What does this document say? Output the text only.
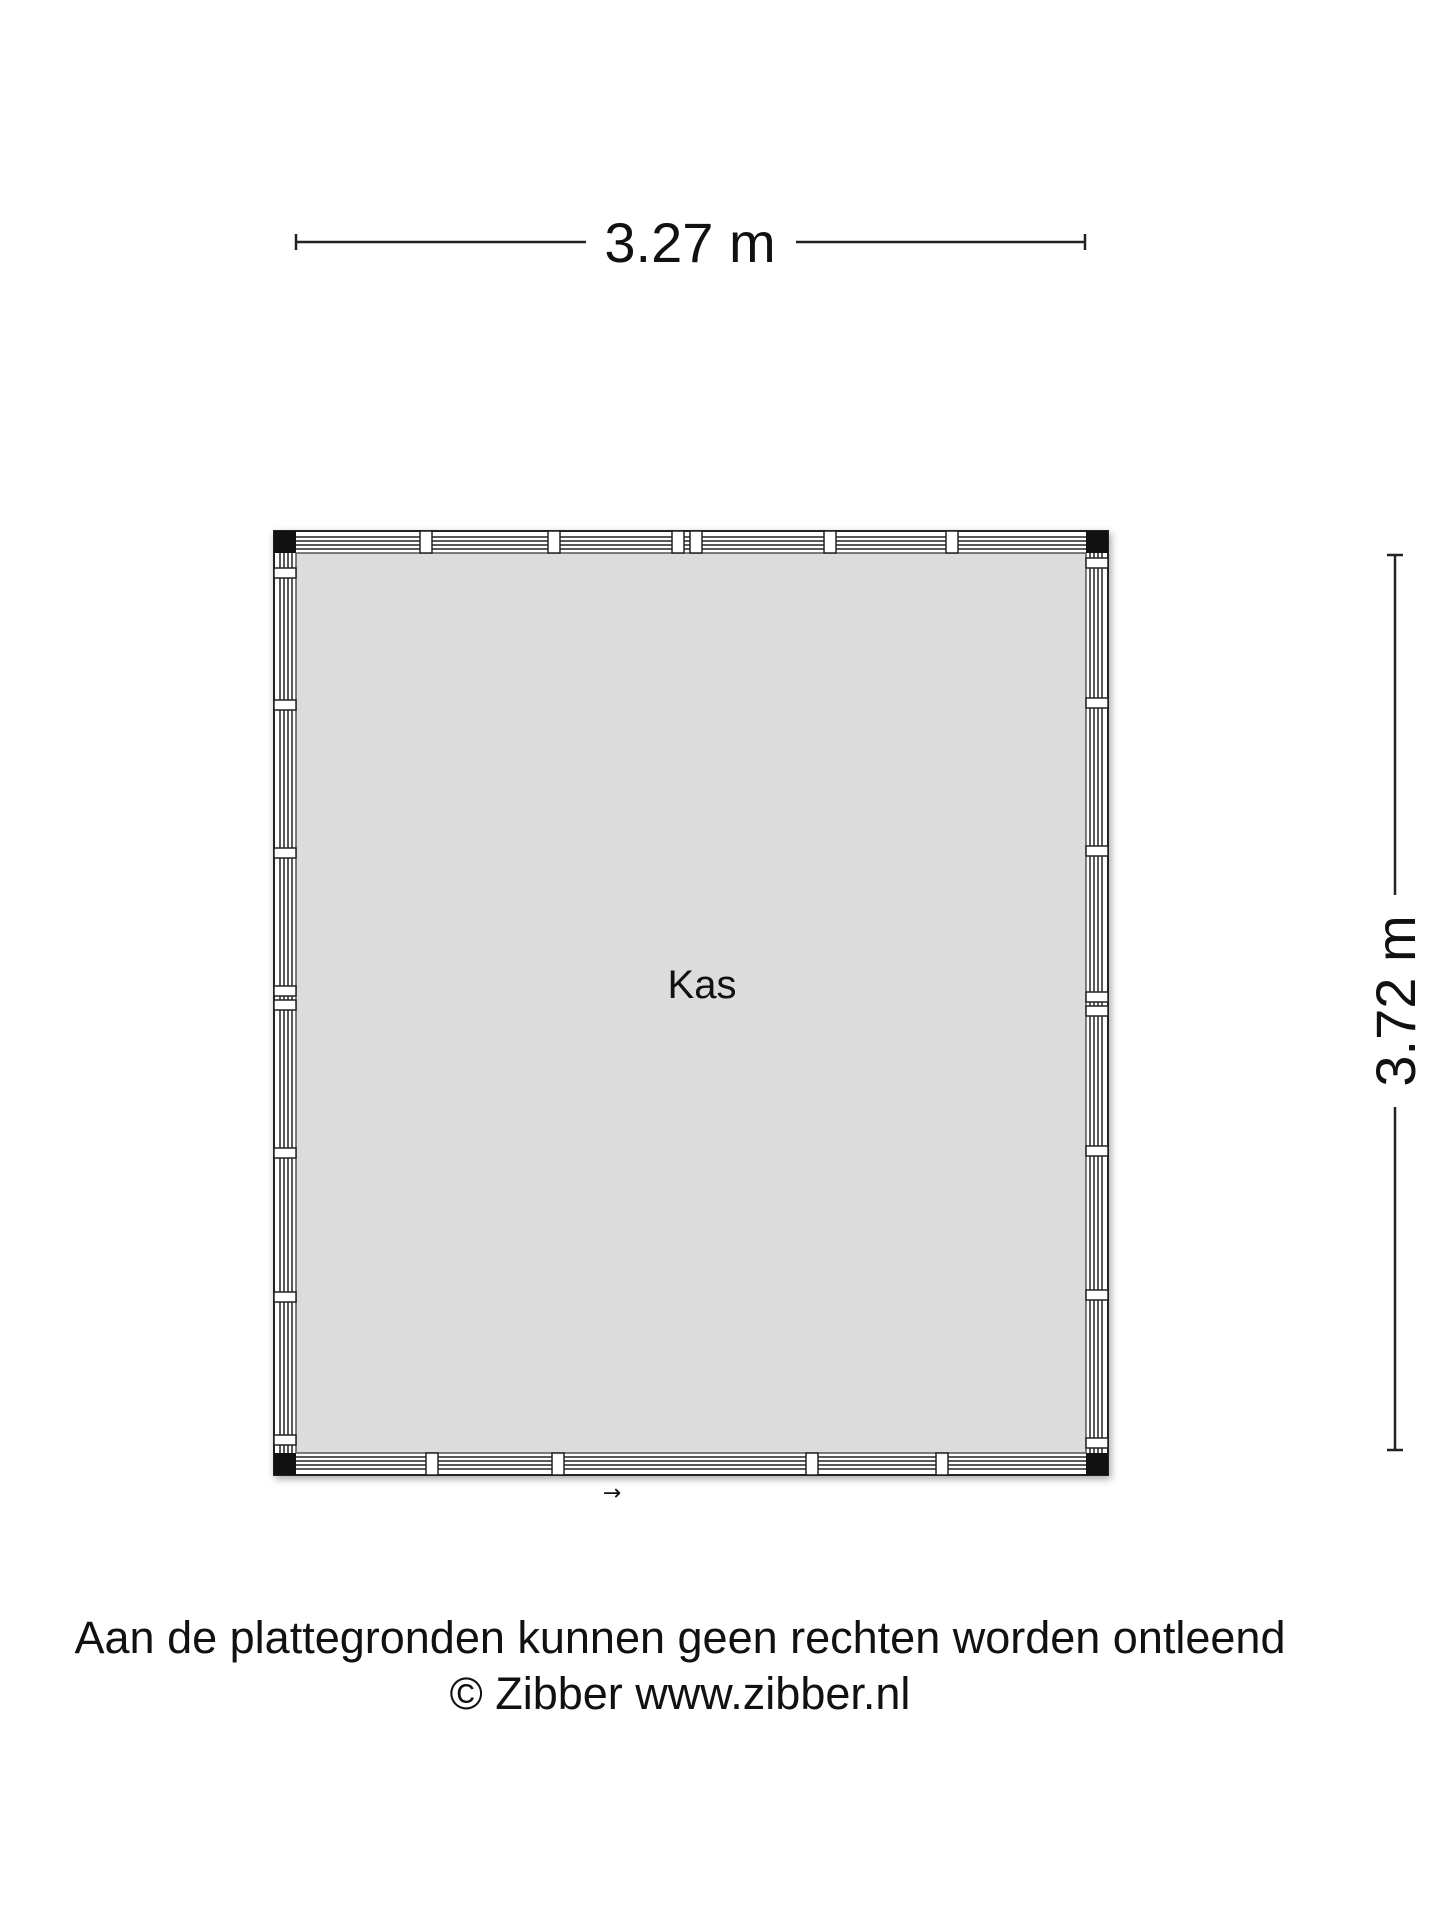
3.27 m
3.72 m
Kas
→
Aan de plattegronden kunnen geen rechten worden ontleend
© Zibber www.zibber.nl
